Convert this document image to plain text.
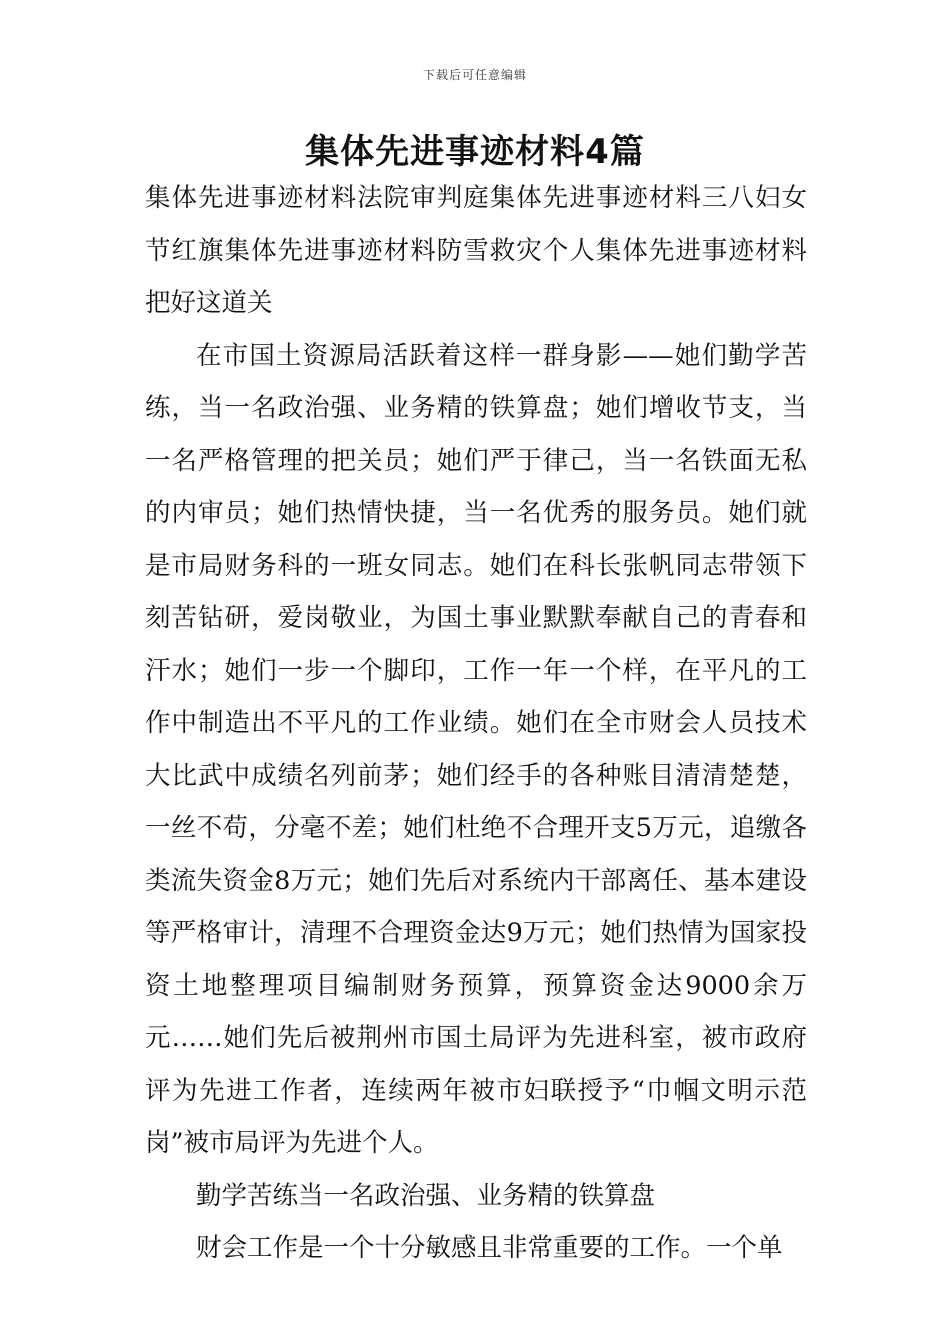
下载后可任意编辑
集体先进事迹材料4篇

集体先进事迹材料法院审判庭集体先进事迹材料三八妇女节红旗集体先进事迹材料防雪救灾个人集体先进事迹材料把好这道关

在市国土资源局活跃着这样一群身影——她们勤学苦练，当一名政治强、业务精的铁算盘；她们增收节支，当一名严格管理的把关员；她们严于律己，当一名铁面无私的内审员；她们热情快捷，当一名优秀的服务员。她们就是市局财务科的一班女同志。她们在科长张帆同志带领下刻苦钻研，爱岗敬业，为国土事业默默奉献自己的青春和汗水；她们一步一个脚印，工作一年一个样，在平凡的工作中制造出不平凡的工作业绩。她们在全市财会人员技术大比武中成绩名列前茅；她们经手的各种账目清清楚楚，一丝不苟，分毫不差；她们杜绝不合理开支5万元，追缴各类流失资金8万元；她们先后对系统内干部离任、基本建设等严格审计，清理不合理资金达9万元；她们热情为国家投资土地整理项目编制财务预算，预算资金达9000余万元……她们先后被荆州市国土局评为先进科室，被市政府评为先进工作者，连续两年被市妇联授予“巾帼文明示范岗”被市局评为先进个人。

勤学苦练当一名政治强、业务精的铁算盘

财会工作是一个十分敏感且非常重要的工作。一个单
